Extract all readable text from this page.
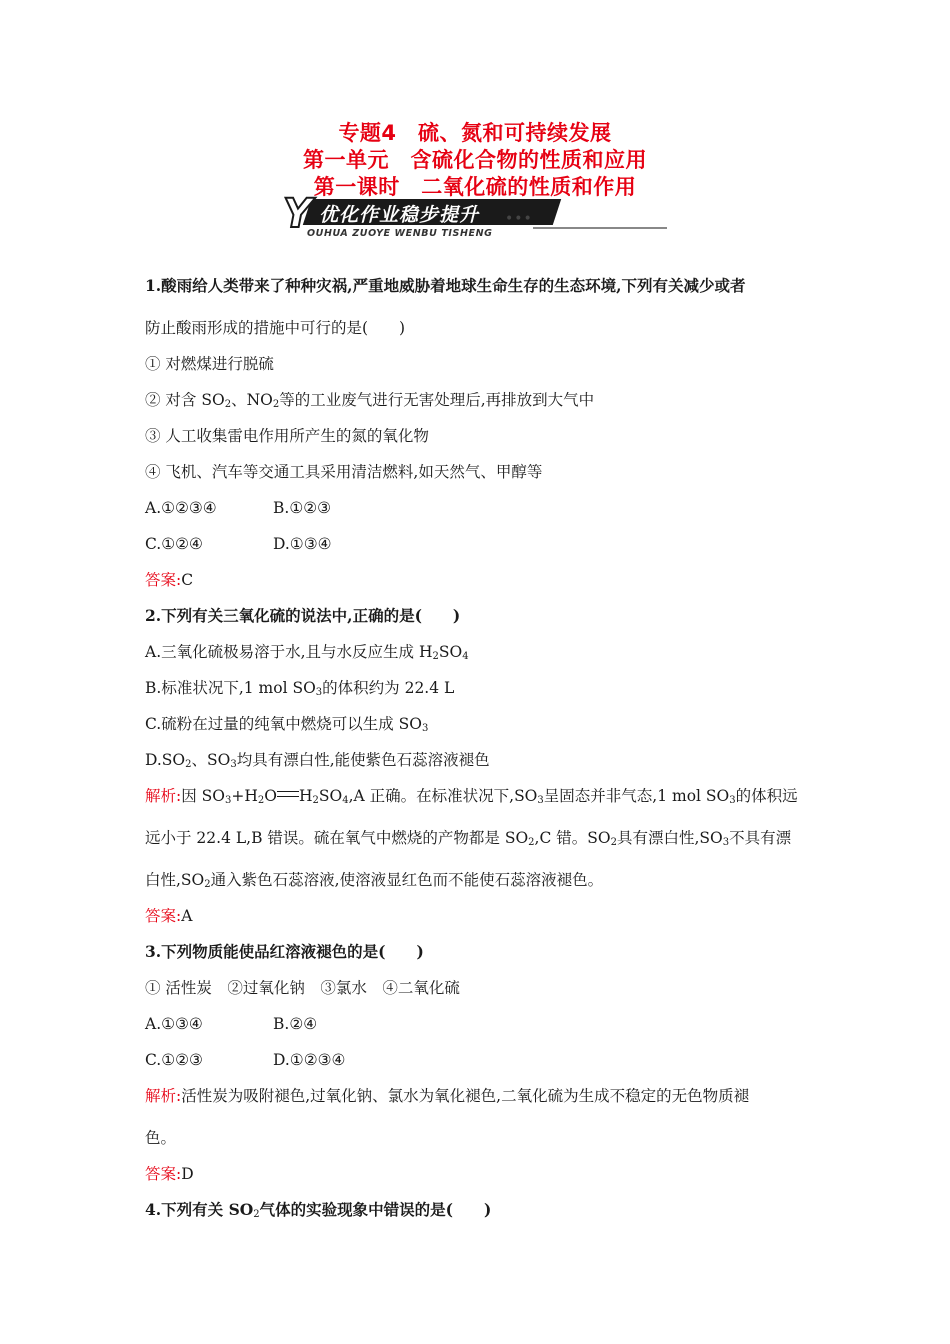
专题4　硫、氮和可持续发展
第一单元　含硫化合物的性质和应用
第一课时　二氧化硫的性质和作用
Y 优化作业稳步提升 •••
OUHUA ZUOYE WENBU TISHENG
1.酸雨给人类带来了种种灾祸,严重地威胁着地球生命生存的生态环境,下列有关减少或者
防止酸雨形成的措施中可行的是(　　)
① 对燃煤进行脱硫
② 对含 $SO_2$、$NO_2$等的工业废气进行无害处理后,再排放到大气中
③ 人工收集雷电作用所产生的氮的氧化物
④ 飞机、汽车等交通工具采用清洁燃料,如天然气、甲醇等
A.①②③④	B.①②③
C.①②④	D.①③④
答案:C
2.下列有关三氧化硫的说法中,正确的是(　　)
A.三氧化硫极易溶于水,且与水反应生成 $H_2SO_4$
B.标准状况下,1 mol $SO_3$的体积约为 22.4 L
C.硫粉在过量的纯氧中燃烧可以生成 $SO_3$
$D.SO_2$、$SO_3$均具有漂白性,能使紫色石蕊溶液褪色
解析:因 $SO_3+H_2O$ $H_2SO_4,A$ 正确。在标准状况下$,SO_3$呈固态并非气态,1 mol $SO_3$的体积远
远小于 22.4 L,B 错误。硫在氧气中燃烧的产物都是 $SO_2,C$ 错。$SO_2$具有漂白性$,SO_3$不具有漂
白性$,SO_2$通入紫色石蕊溶液,使溶液显红色而不能使石蕊溶液褪色。
答案:A
3.下列物质能使品红溶液褪色的是(　　)
① 活性炭　②过氧化钠　③氯水　④二氧化硫
A.①③④	B.②④
C.①②③	D.①②③④
解析:活性炭为吸附褪色,过氧化钠、氯水为氧化褪色,二氧化硫为生成不稳定的无色物质褪
色。
答案:D
4.下列有关 $SO_2$气体的实验现象中错误的是(　　)
